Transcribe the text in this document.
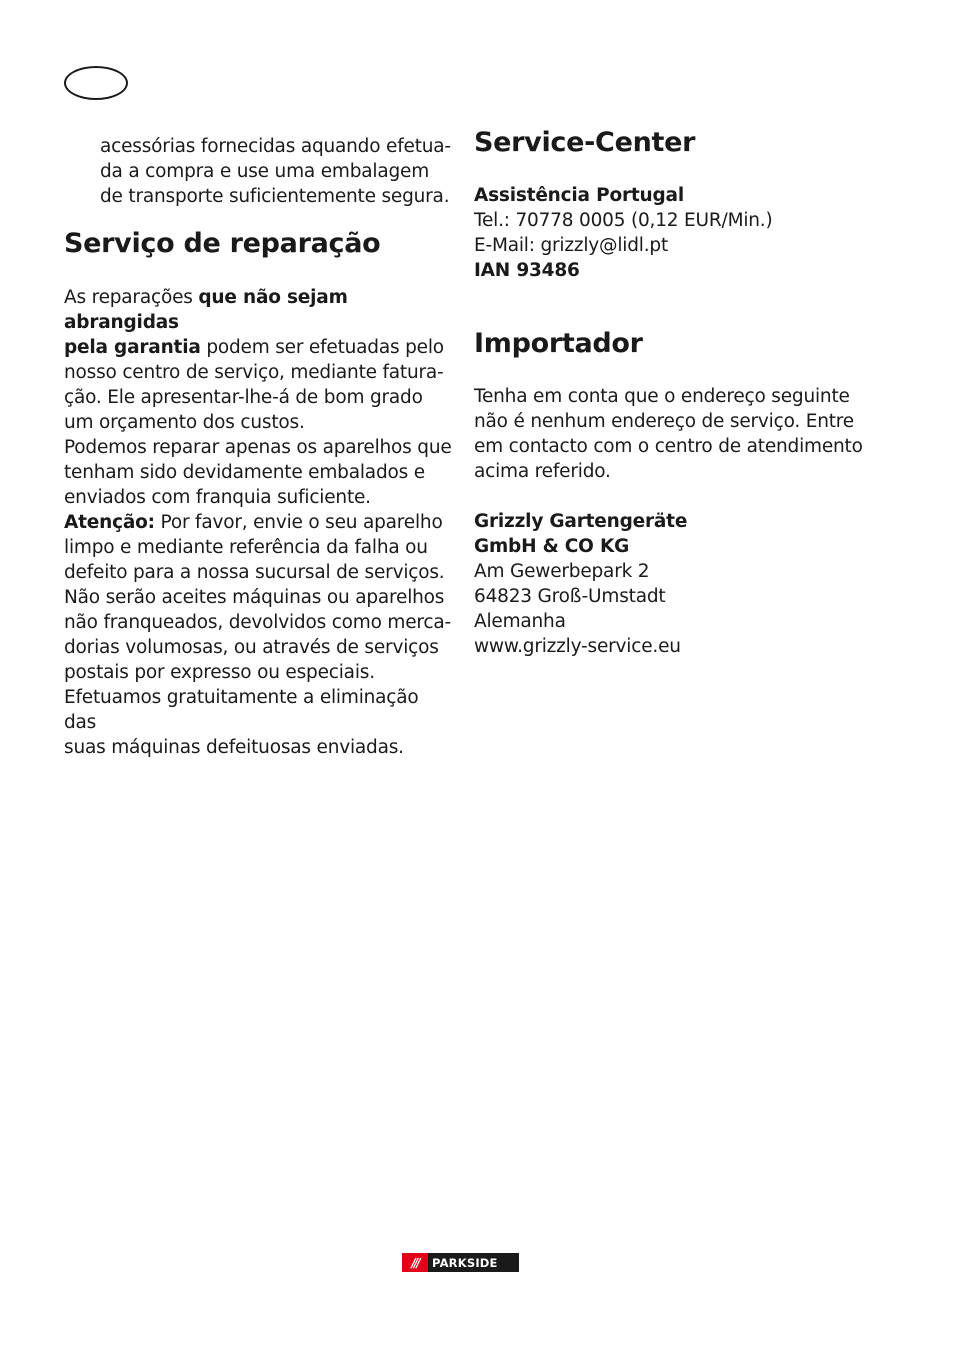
acessórias fornecidas aquando efetua-

da a compra e use uma embalagem

de transporte suficientemente segura.

Serviço de reparação

As reparações que não sejam abrangidas

pela garantia podem ser efetuadas pelo

nosso centro de serviço, mediante fatura-

ção. Ele apresentar-lhe-á de bom grado

um orçamento dos custos.

Podemos reparar apenas os aparelhos que

tenham sido devidamente embalados e

enviados com franquia suficiente.

Atenção: Por favor, envie o seu aparelho

limpo e mediante referência da falha ou

defeito para a nossa sucursal de serviços.

Não serão aceites máquinas ou aparelhos

não franqueados, devolvidos como merca-

dorias volumosas, ou através de serviços

postais por expresso ou especiais.

Efetuamos gratuitamente a eliminação das

suas máquinas defeituosas enviadas.

Service-Center

Assistência Portugal

Tel.: 70778 0005 (0,12 EUR/Min.)

E-Mail: grizzly@lidl.pt

IAN 93486

Importador

Tenha em conta que o endereço seguinte

não é nenhum endereço de serviço. Entre

em contacto com o centro de atendimento

acima referido.

Grizzly Gartengeräte

GmbH & CO KG

Am Gewerbepark 2

64823 Groß-Umstadt

Alemanha

www.grizzly-service.eu

///	PARKSIDE
